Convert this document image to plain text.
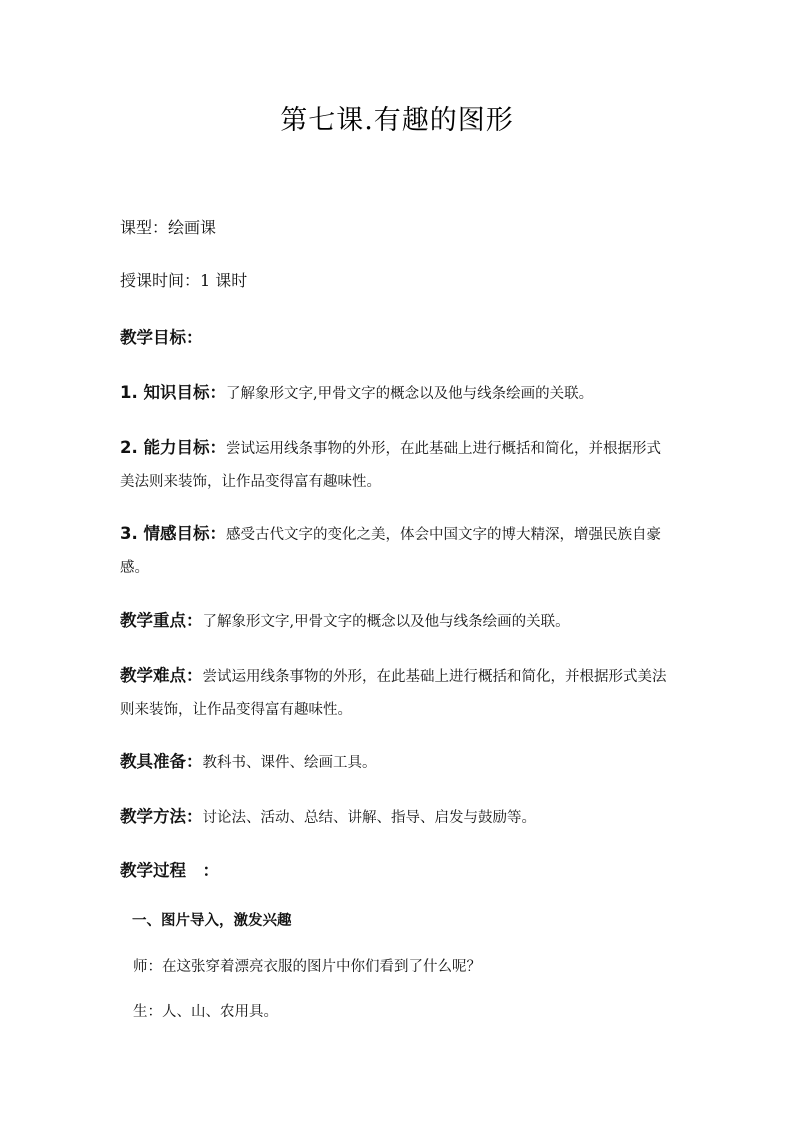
第七课.有趣的图形
课型：绘画课
授课时间：1 课时
教学目标：
1. 知识目标：了解象形文字,甲骨文字的概念以及他与线条绘画的关联。
2. 能力目标：尝试运用线条事物的外形，在此基础上进行概括和简化，并根据形式
美法则来装饰，让作品变得富有趣味性。
3. 情感目标：感受古代文字的变化之美，体会中国文字的博大精深，增强民族自豪
感。
教学重点：了解象形文字,甲骨文字的概念以及他与线条绘画的关联。
教学难点：尝试运用线条事物的外形，在此基础上进行概括和简化，并根据形式美法
则来装饰，让作品变得富有趣味性。
教具准备：教科书、课件、绘画工具。
教学方法：讨论法、活动、总结、讲解、指导、启发与鼓励等。
教学过程　：
一、图片导入，激发兴趣
师：在这张穿着漂亮衣服的图片中你们看到了什么呢？
生：人、山、农用具。
